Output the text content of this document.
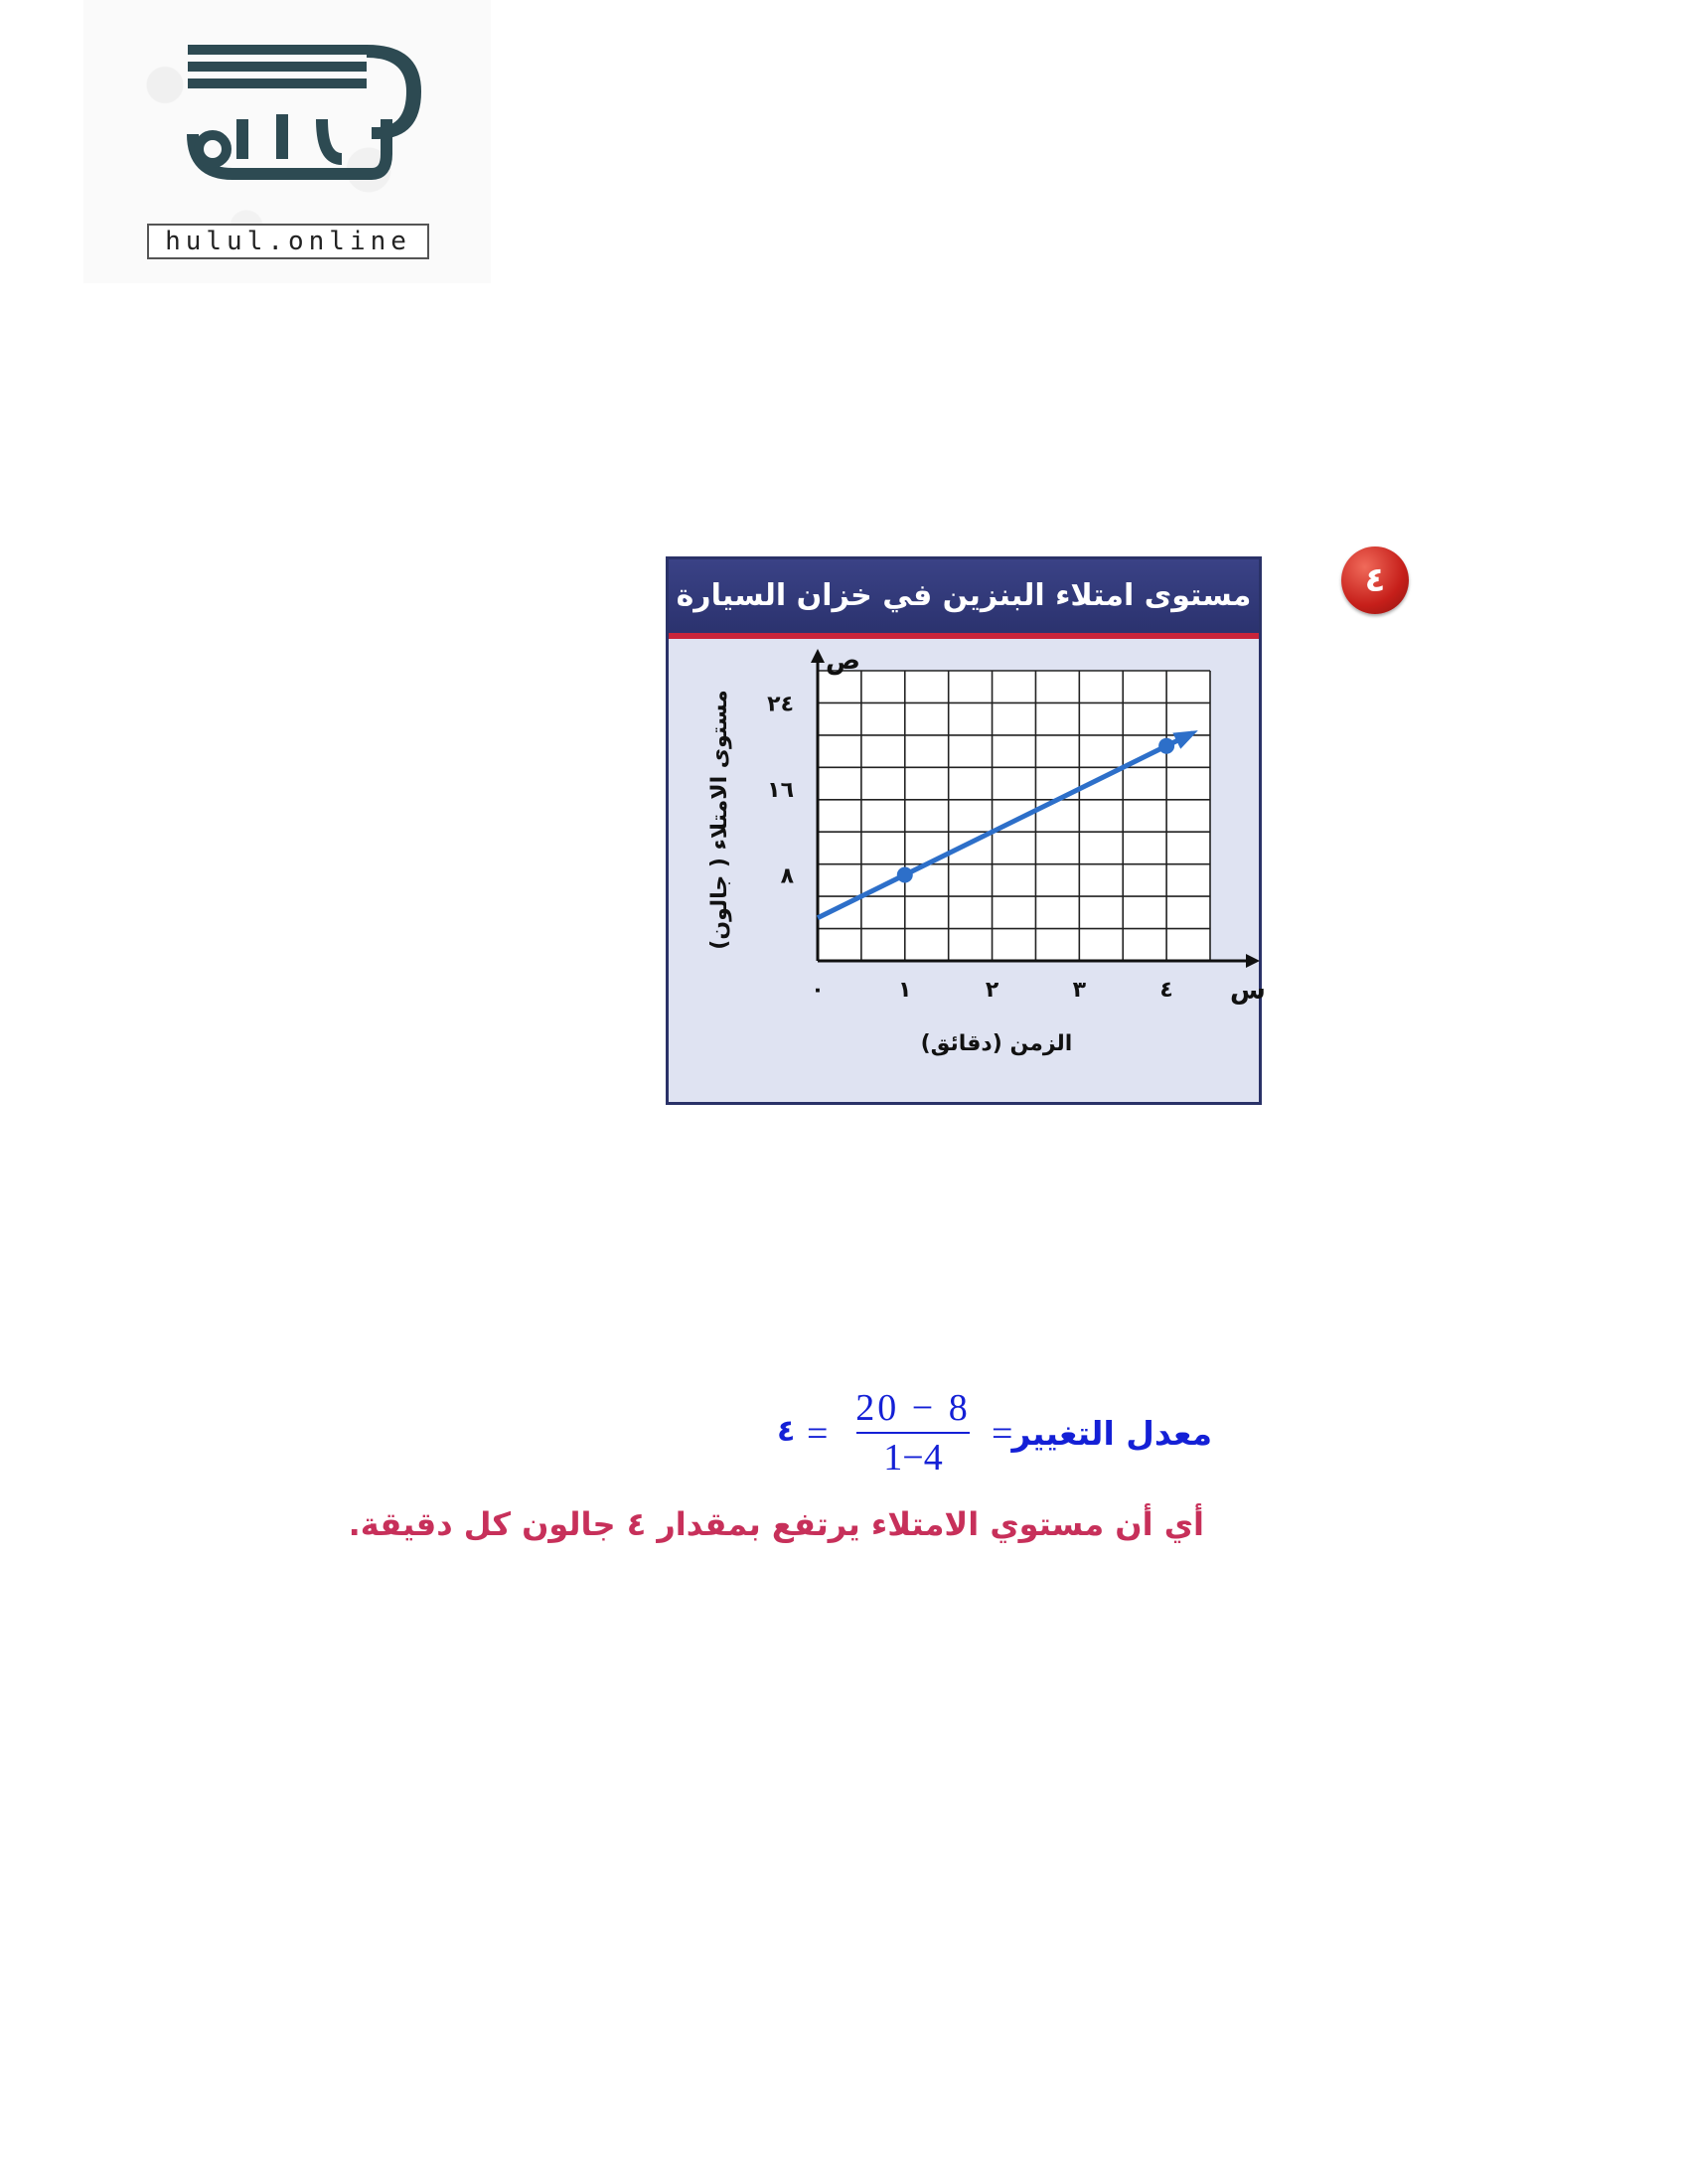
hulul.online
٤
مستوى امتلاء البنزين في خزان السيارة
٠	١	٢	٣	٤
٨
١٦
٢٤
مستوى الامتلاء ( جالون)
الزمن (دقائق)
س
ص
معدل التغيير
=
20 − 8
1−4
=
٤
أي أن مستوي الامتلاء يرتفع بمقدار ٤ جالون كل دقيقة.
